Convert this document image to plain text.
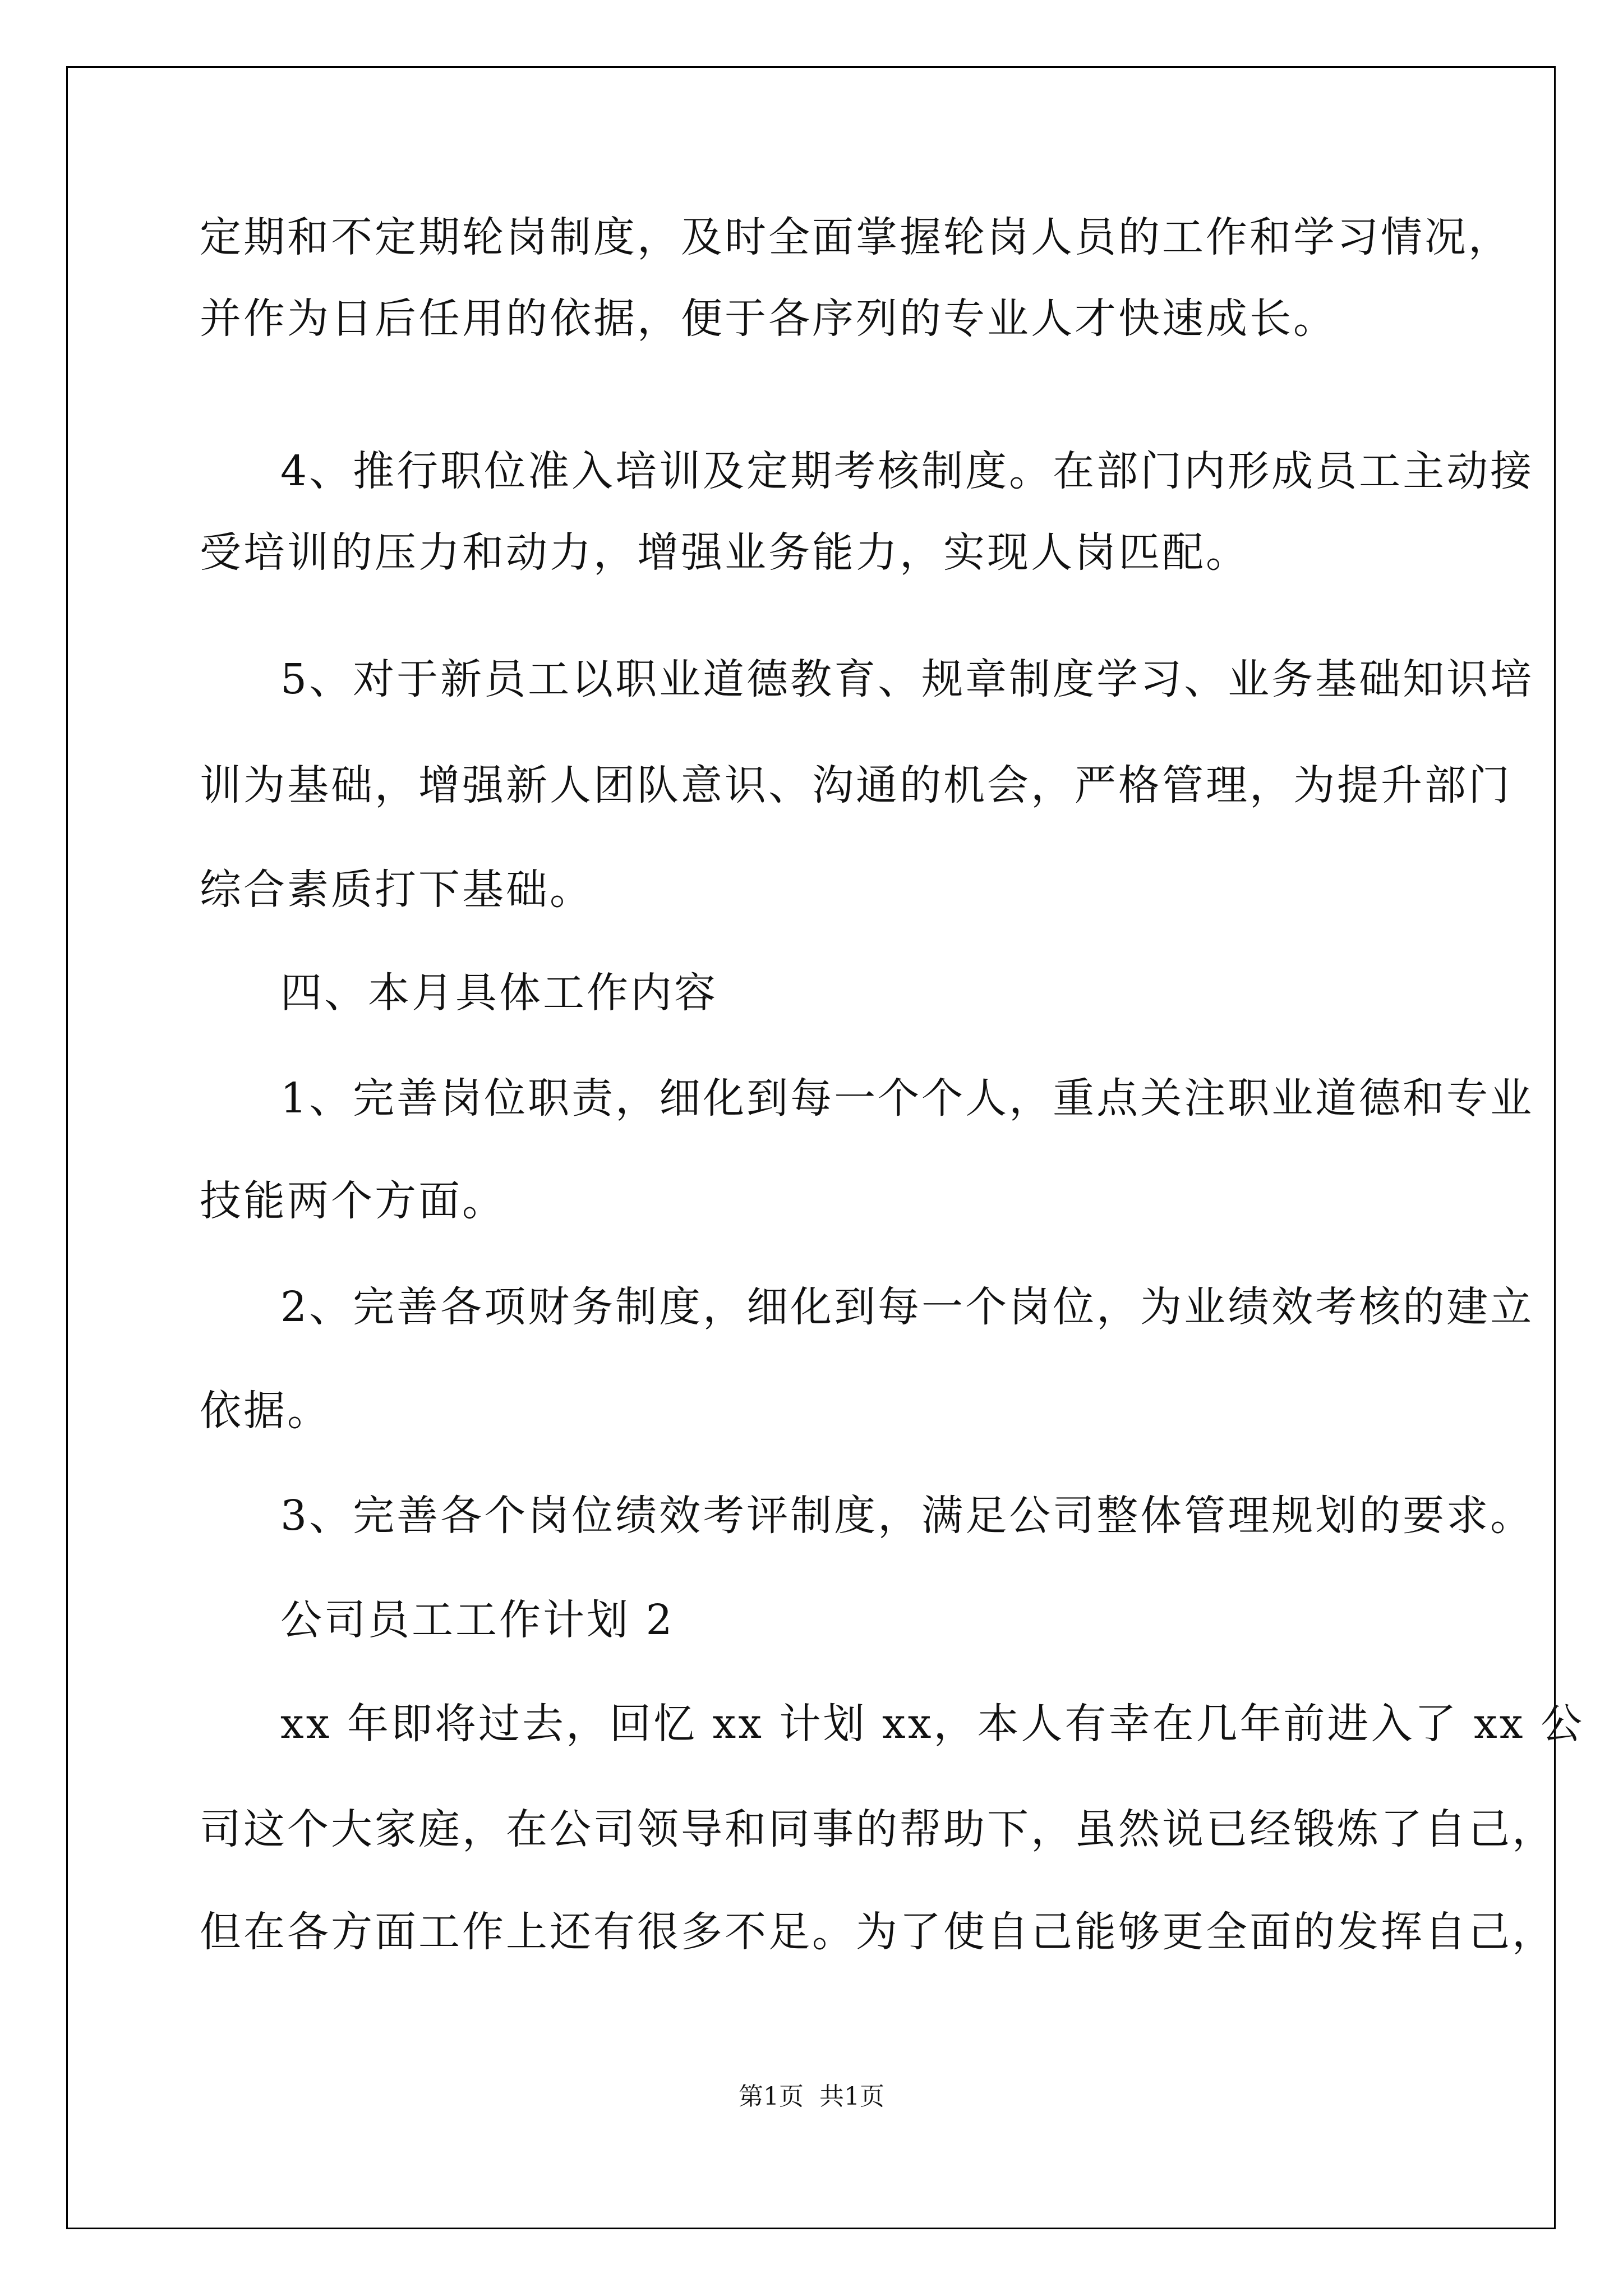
定期和不定期轮岗制度，及时全面掌握轮岗人员的工作和学习情况，
并作为日后任用的依据，便于各序列的专业人才快速成长。
4、推行职位准入培训及定期考核制度。在部门内形成员工主动接
受培训的压力和动力，增强业务能力，实现人岗匹配。
5、对于新员工以职业道德教育、规章制度学习、业务基础知识培
训为基础，增强新人团队意识、沟通的机会，严格管理，为提升部门
综合素质打下基础。
四、本月具体工作内容
1、完善岗位职责，细化到每一个个人，重点关注职业道德和专业
技能两个方面。
2、完善各项财务制度，细化到每一个岗位，为业绩效考核的建立
依据。
3、完善各个岗位绩效考评制度，满足公司整体管理规划的要求。
公司员工工作计划 2
xx 年即将过去，回忆 xx 计划 xx，本人有幸在几年前进入了 xx 公
司这个大家庭，在公司领导和同事的帮助下，虽然说已经锻炼了自己，
但在各方面工作上还有很多不足。为了使自己能够更全面的发挥自己，
第1页  共1页
